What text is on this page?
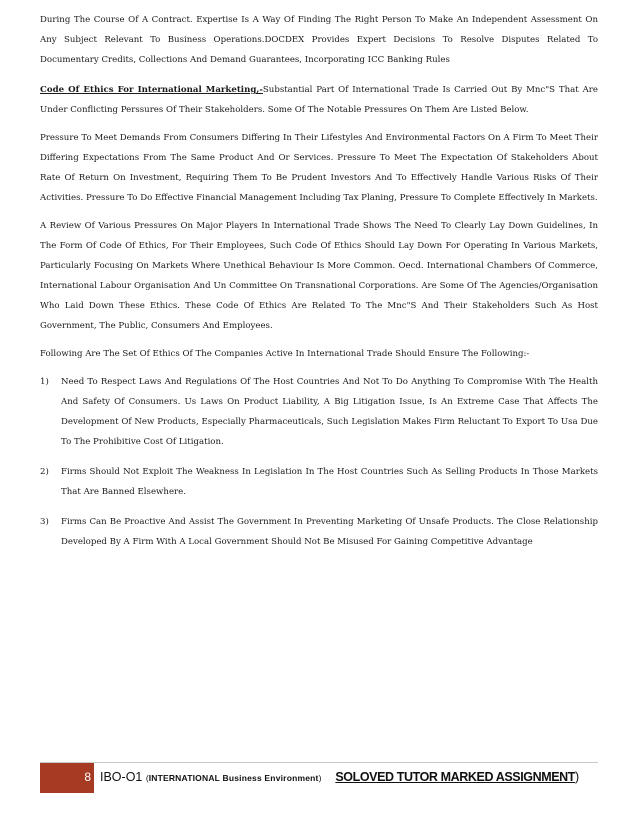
During The Course Of A Contract. Expertise Is A Way Of Finding The Right Person To Make An Independent Assessment On Any Subject Relevant To Business Operations.DOCDEX Provides Expert Decisions To Resolve Disputes Related To Documentary Credits, Collections And Demand Guarantees, Incorporating ICC Banking Rules

Code Of Ethics For International Marketing,-Substantial Part Of International Trade Is Carried Out By Mnc"S That Are Under Conflicting Perssures Of Their Stakeholders. Some Of The Notable Pressures On Them Are Listed Below.

Pressure To Meet Demands From Consumers Differing In Their Lifestyles And Environmental Factors On A Firm To Meet Their Differing Expectations From The Same Product And Or Services. Pressure To Meet The Expectation Of Stakeholders About Rate Of Return On Investment, Requiring Them To Be Prudent Investors And To Effectively Handle Various Risks Of Their Activities. Pressure To Do Effective Financial Management Including Tax Planing, Pressure To Complete Effectively In Markets.

A Review Of Various Pressures On Major Players In International Trade Shows The Need To Clearly Lay Down Guidelines, In The Form Of Code Of Ethics, For Their Employees, Such Code Of Ethics Should Lay Down For Operating In Various Markets, Particularly Focusing On Markets Where Unethical Behaviour Is More Common. Oecd. International Chambers Of Commerce, International Labour Organisation And Un Committee On Transnational Corporations. Are Some Of The Agencies/Organisation Who Laid Down These Ethics. These Code Of Ethics Are Related To The Mnc"S And Their Stakeholders Such As Host Government, The Public, Consumers And Employees.

Following Are The Set Of Ethics Of The Companies Active In International Trade Should Ensure The Following:-

1) Need To Respect Laws And Regulations Of The Host Countries And Not To Do Anything To Compromise With The Health And Safety Of Consumers. Us Laws On Product Liability, A Big Litigation Issue, Is An Extreme Case That Affects The Development Of New Products, Especially Pharmaceuticals, Such Legislation Makes Firm Reluctant To Export To Usa Due To The Prohibitive Cost Of Litigation.
2) Firms Should Not Exploit The Weakness In Legislation In The Host Countries Such As Selling Products In Those Markets That Are Banned Elsewhere.
3) Firms Can Be Proactive And Assist The Government In Preventing Marketing Of Unsafe Products. The Close Relationship Developed By A Firm With A Local Government Should Not Be Misused For Gaining Competitive Advantage
8 IBO-O1 (INTERNATIONAL Business Environment) SOLOVED TUTOR MARKED ASSIGNMENT)
